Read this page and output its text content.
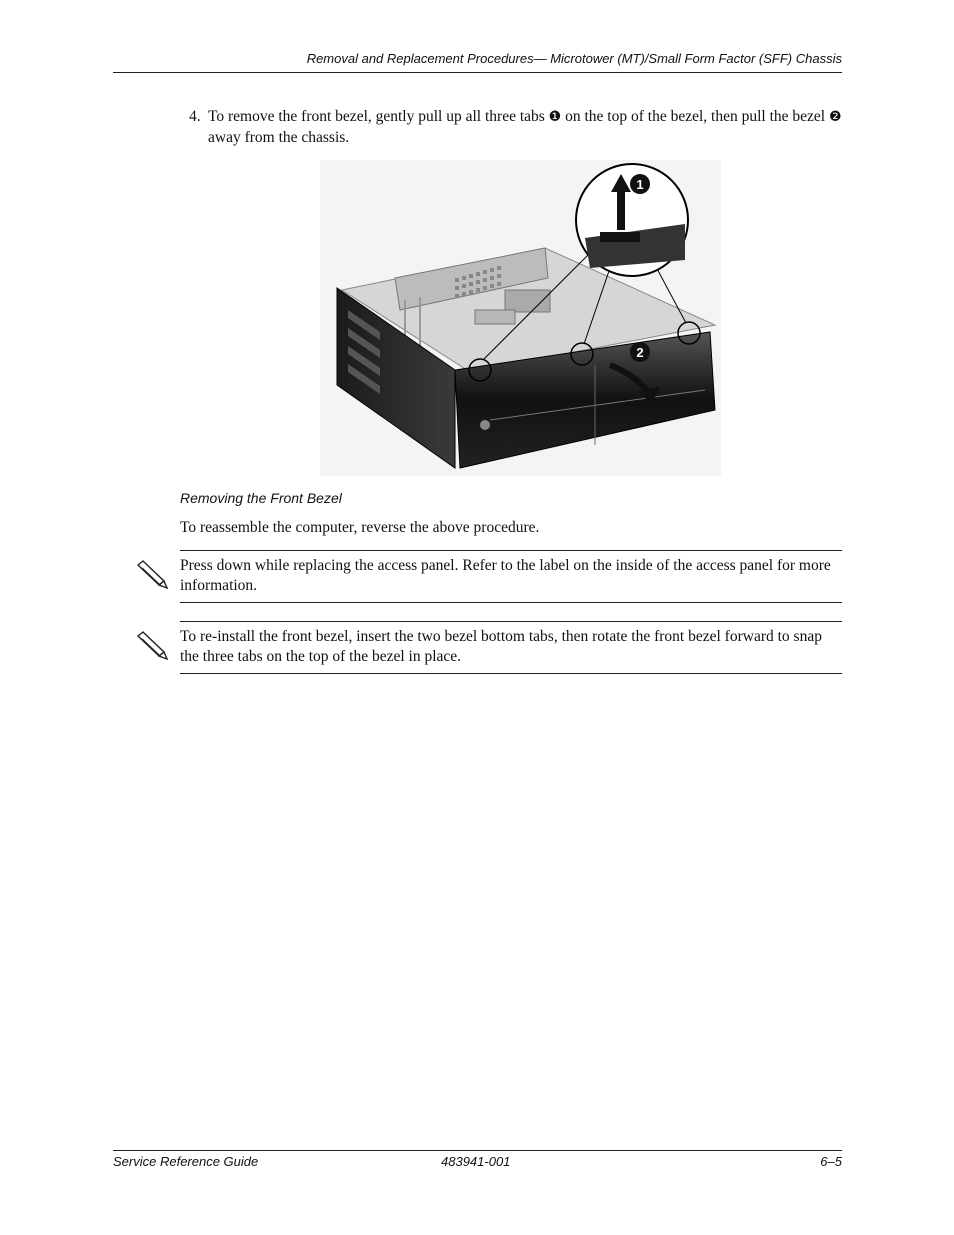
Removal and Replacement Procedures— Microtower (MT)/Small Form Factor (SFF) Chassis
4. To remove the front bezel, gently pull up all three tabs ❶ on the top of the bezel, then pull the bezel ❷ away from the chassis.
1
2
Removing the Front Bezel
To reassemble the computer, reverse the above procedure.
Press down while replacing the access panel. Refer to the label on the inside of the access panel for more information.
To re-install the front bezel, insert the two bezel bottom tabs, then rotate the front bezel forward to snap the three tabs on the top of the bezel in place.
Service Reference Guide	483941-001	6–5
